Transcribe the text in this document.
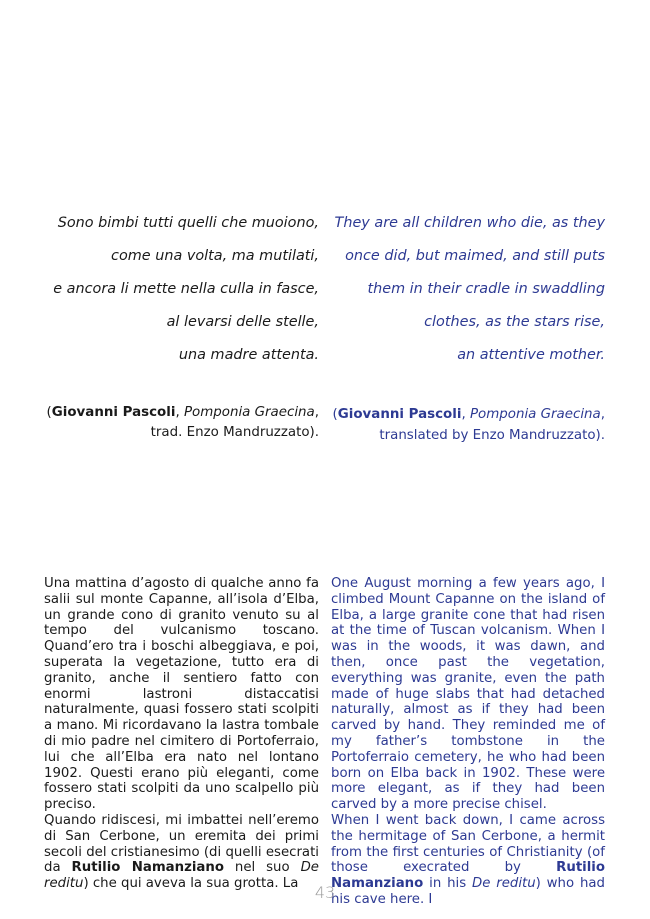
Sono bimbi tutti quelli che muoiono,
come una volta, ma mutilati,
e ancora li mette nella culla in fasce,
al levarsi delle stelle,
una madre attenta.
(Giovanni Pascoli, Pomponia Graecina,
trad. Enzo Mandruzzato).

Una mattina d’agosto di qualche anno fa salii sul monte Capanne, all’isola d’Elba, un grande cono di granito venuto su al tempo del vulcanismo toscano. Quand’ero tra i boschi albeggiava, e poi, superata la vegetazione, tutto era di granito, anche il sentiero fatto con enormi lastroni distaccatisi naturalmente, quasi fossero stati scolpiti a mano. Mi ricordavano la lastra tombale di mio padre nel cimitero di Portoferraio, lui che all’Elba era nato nel lontano 1902. Questi erano più eleganti, come fossero stati scolpiti da uno scalpello più preciso.

Quando ridiscesi, mi imbattei nell’eremo di San Cerbone, un eremita dei primi secoli del cristianesimo (di quelli esecrati da Rutilio Namanziano nel suo De reditu) che qui aveva la sua grotta. La

They are all children who die, as they
once did, but maimed, and still puts
them in their cradle in swaddling
clothes, as the stars rise,
an attentive mother.
(Giovanni Pascoli, Pomponia Graecina,
translated by Enzo Mandruzzato).

One August morning a few years ago, I climbed Mount Capanne on the island of Elba, a large granite cone that had risen at the time of Tuscan volcanism. When I was in the woods, it was dawn, and then, once past the vegetation, everything was granite, even the path made of huge slabs that had detached naturally, almost as if they had been carved by hand. They reminded me of my father’s tombstone in the Portoferraio cemetery, he who had been born on Elba back in 1902. These were more elegant, as if they had been carved by a more precise chisel.

When I went back down, I came across the hermitage of San Cerbone, a hermit from the first centuries of Christianity (of those execrated by Rutilio Namanziano in his De reditu) who had his cave here. I

43
